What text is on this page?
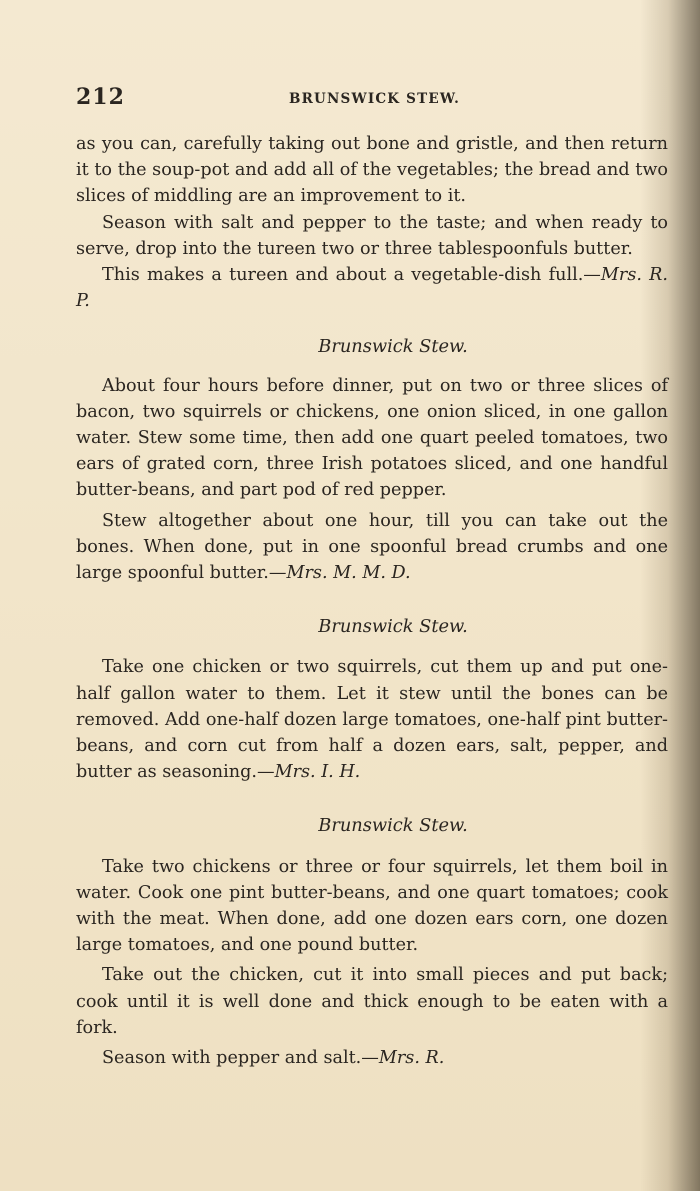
212	BRUNSWICK STEW.

as you can, carefully taking out bone and gristle, and then return it to the soup-pot and add all of the vegetables; the bread and two slices of middling are an improvement to it.

Season with salt and pepper to the taste; and when ready to serve, drop into the tureen two or three tablespoonfuls butter.

This makes a tureen and about a vegetable-dish full.—Mrs. R. P.

Brunswick Stew.

About four hours before dinner, put on two or three slices of bacon, two squirrels or chickens, one onion sliced, in one gallon water. Stew some time, then add one quart peeled tomatoes, two ears of grated corn, three Irish potatoes sliced, and one handful butter-beans, and part pod of red pepper.

Stew altogether about one hour, till you can take out the bones. When done, put in one spoonful bread crumbs and one large spoonful butter.—Mrs. M. M. D.

Brunswick Stew.

Take one chicken or two squirrels, cut them up and put one-half gallon water to them. Let it stew until the bones can be removed. Add one-half dozen large tomatoes, one-half pint butter-beans, and corn cut from half a dozen ears, salt, pepper, and butter as seasoning.—Mrs. I. H.

Brunswick Stew.

Take two chickens or three or four squirrels, let them boil in water. Cook one pint butter-beans, and one quart tomatoes; cook with the meat. When done, add one dozen ears corn, one dozen large tomatoes, and one pound butter.

Take out the chicken, cut it into small pieces and put back; cook until it is well done and thick enough to be eaten with a fork.

Season with pepper and salt.—Mrs. R.
